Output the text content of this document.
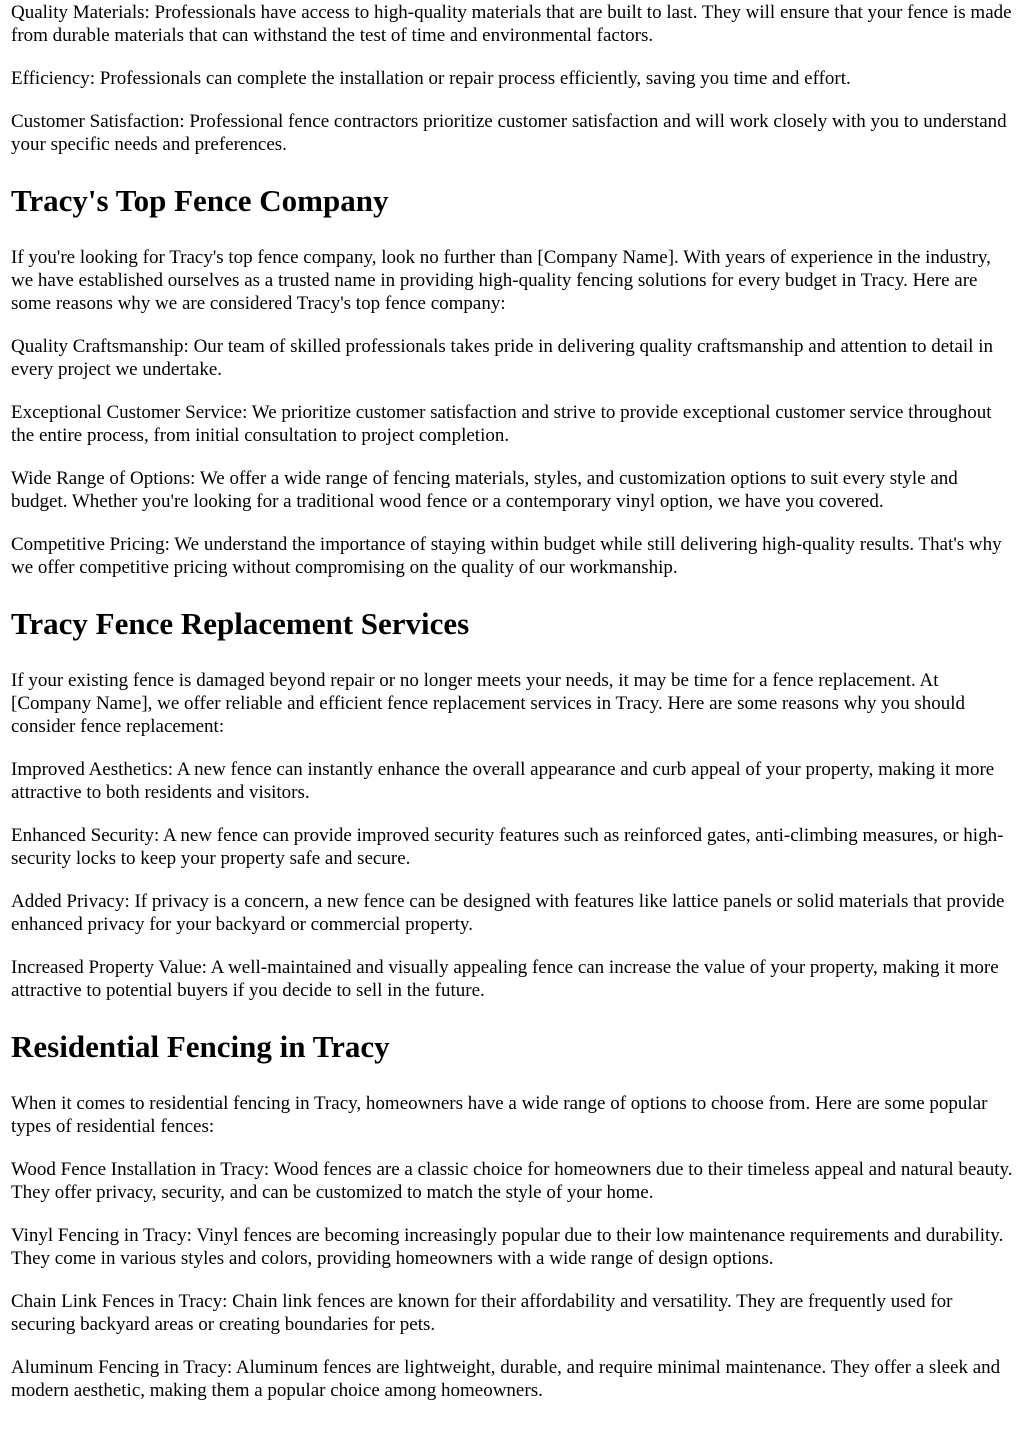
Quality Materials: Professionals have access to high-quality materials that are built to last. They will ensure that your fence is made from durable materials that can withstand the test of time and environmental factors.

Efficiency: Professionals can complete the installation or repair process efficiently, saving you time and effort.

Customer Satisfaction: Professional fence contractors prioritize customer satisfaction and will work closely with you to understand your specific needs and preferences.

Tracy's Top Fence Company

If you're looking for Tracy's top fence company, look no further than [Company Name]. With years of experience in the industry, we have established ourselves as a trusted name in providing high-quality fencing solutions for every budget in Tracy. Here are some reasons why we are considered Tracy's top fence company:

Quality Craftsmanship: Our team of skilled professionals takes pride in delivering quality craftsmanship and attention to detail in every project we undertake.

Exceptional Customer Service: We prioritize customer satisfaction and strive to provide exceptional customer service throughout the entire process, from initial consultation to project completion.

Wide Range of Options: We offer a wide range of fencing materials, styles, and customization options to suit every style and budget. Whether you're looking for a traditional wood fence or a contemporary vinyl option, we have you covered.

Competitive Pricing: We understand the importance of staying within budget while still delivering high-quality results. That's why we offer competitive pricing without compromising on the quality of our workmanship.

Tracy Fence Replacement Services

If your existing fence is damaged beyond repair or no longer meets your needs, it may be time for a fence replacement. At [Company Name], we offer reliable and efficient fence replacement services in Tracy. Here are some reasons why you should consider fence replacement:

Improved Aesthetics: A new fence can instantly enhance the overall appearance and curb appeal of your property, making it more attractive to both residents and visitors.

Enhanced Security: A new fence can provide improved security features such as reinforced gates, anti-climbing measures, or high-security locks to keep your property safe and secure.

Added Privacy: If privacy is a concern, a new fence can be designed with features like lattice panels or solid materials that provide enhanced privacy for your backyard or commercial property.

Increased Property Value: A well-maintained and visually appealing fence can increase the value of your property, making it more attractive to potential buyers if you decide to sell in the future.

Residential Fencing in Tracy

When it comes to residential fencing in Tracy, homeowners have a wide range of options to choose from. Here are some popular types of residential fences:

Wood Fence Installation in Tracy: Wood fences are a classic choice for homeowners due to their timeless appeal and natural beauty. They offer privacy, security, and can be customized to match the style of your home.

Vinyl Fencing in Tracy: Vinyl fences are becoming increasingly popular due to their low maintenance requirements and durability. They come in various styles and colors, providing homeowners with a wide range of design options.

Chain Link Fences in Tracy: Chain link fences are known for their affordability and versatility. They are frequently used for securing backyard areas or creating boundaries for pets.

Aluminum Fencing in Tracy: Aluminum fences are lightweight, durable, and require minimal maintenance. They offer a sleek and modern aesthetic, making them a popular choice among homeowners.
